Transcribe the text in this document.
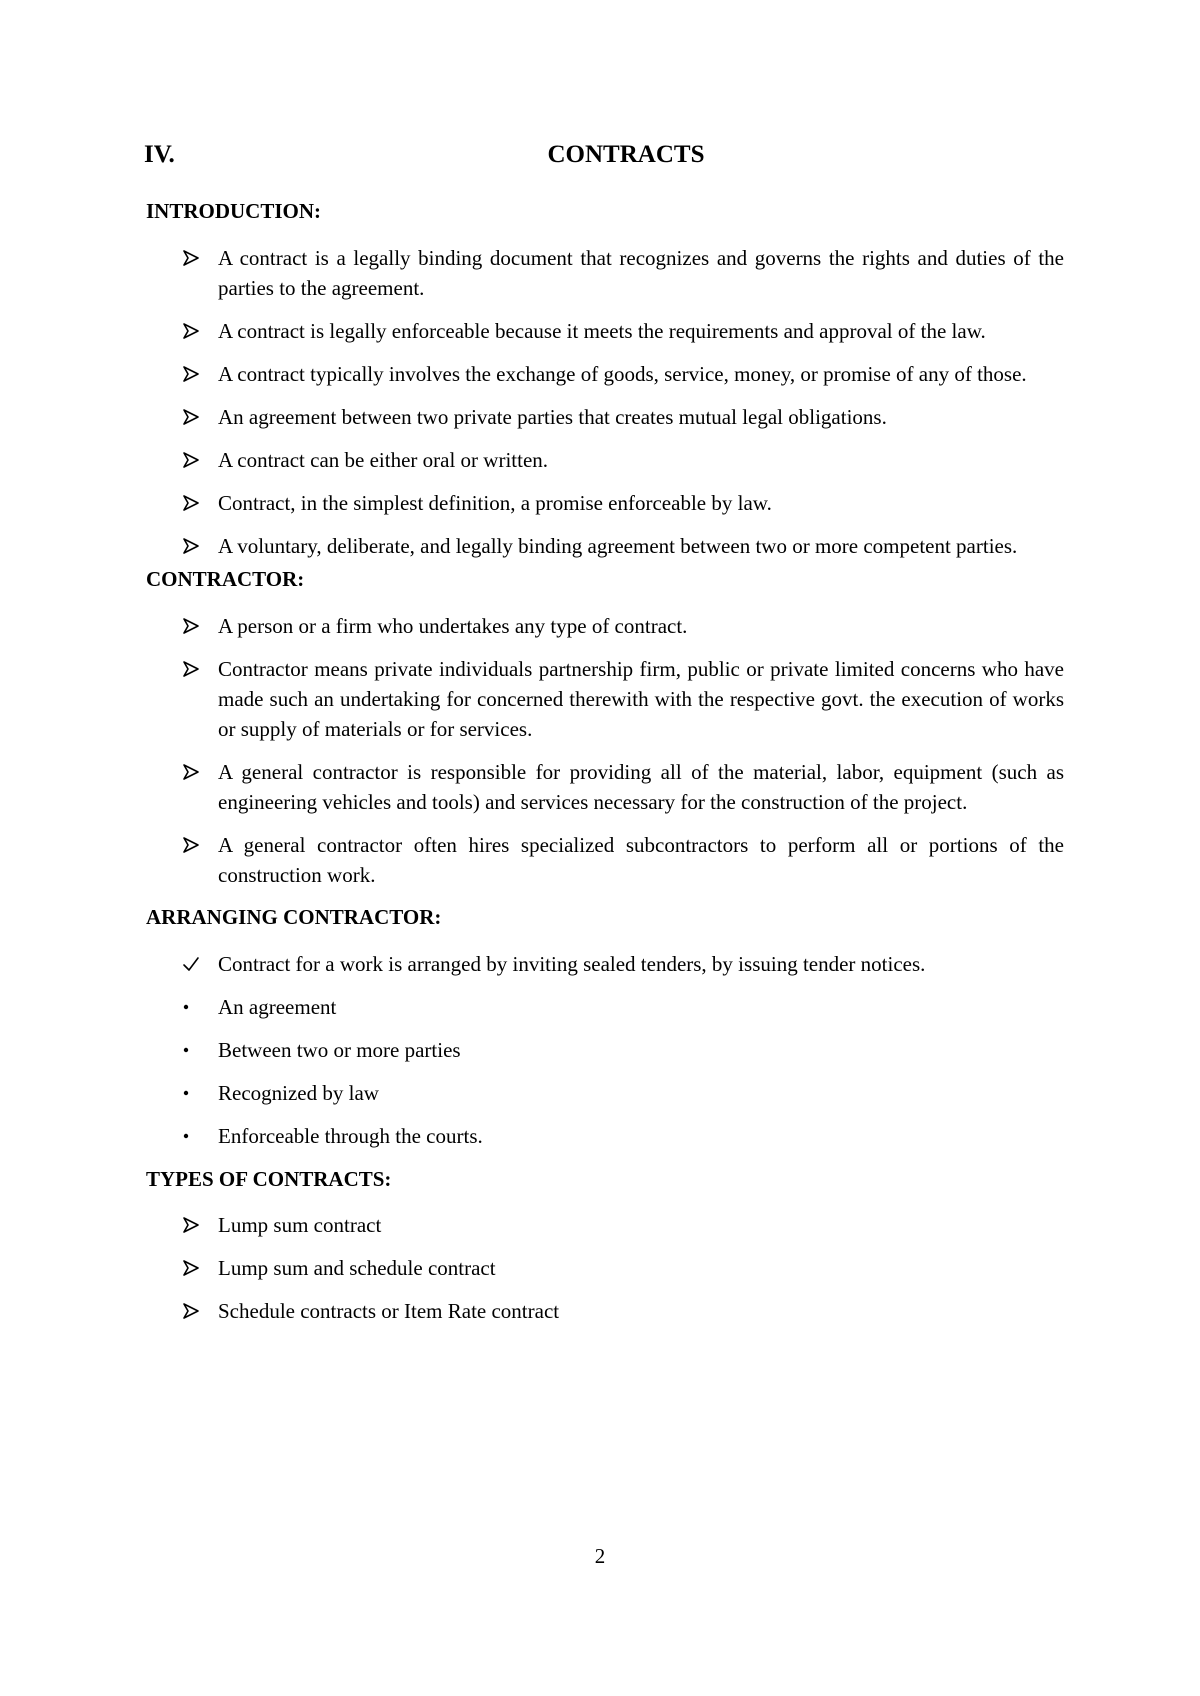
IV.	CONTRACTS
INTRODUCTION:
A contract is a legally binding document that recognizes and governs the rights and duties of the parties to the agreement.
A contract is legally enforceable because it meets the requirements and approval of the law.
A contract typically involves the exchange of goods, service, money, or promise of any of those.
An agreement between two private parties that creates mutual legal obligations.
A contract can be either oral or written.
Contract, in the simplest definition, a promise enforceable by law.
A voluntary, deliberate, and legally binding agreement between two or more competent parties.
CONTRACTOR:
A person or a firm who undertakes any type of contract.
Contractor means private individuals partnership firm, public or private limited concerns who have made such an undertaking for concerned therewith with the respective govt. the execution of works or supply of materials or for services.
A general contractor is responsible for providing all of the material, labor, equipment (such as engineering vehicles and tools) and services necessary for the construction of the project.
A general contractor often hires specialized subcontractors to perform all or portions of the construction work.
ARRANGING CONTRACTOR:
Contract for a work is arranged by inviting sealed tenders, by issuing tender notices.
An agreement
Between two or more parties
Recognized by law
Enforceable through the courts.
TYPES OF CONTRACTS:
Lump sum contract
Lump sum and schedule contract
Schedule contracts or Item Rate contract
2
